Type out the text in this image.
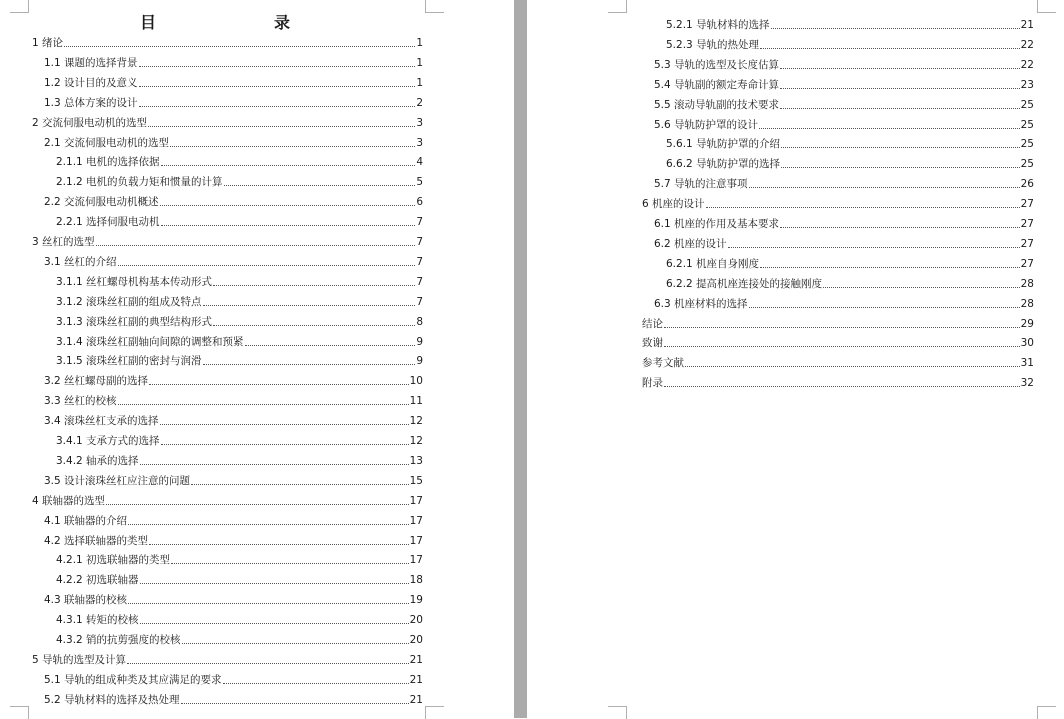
目	录
1 绪论	1
1.1 课题的选择背景	1
1.2 设计目的及意义	1
1.3 总体方案的设计	2
2 交流伺服电动机的选型	3
2.1 交流伺服电动机的选型	3
2.1.1 电机的选择依据	4
2.1.2 电机的负载力矩和惯量的计算	5
2.2 交流伺服电动机概述	6
2.2.1 选择伺服电动机	7
3 丝杠的选型	7
3.1 丝杠的介绍	7
3.1.1 丝杠螺母机构基本传动形式	7
3.1.2 滚珠丝杠副的组成及特点	7
3.1.3 滚珠丝杠副的典型结构形式	8
3.1.4 滚珠丝杠副轴向间隙的调整和预紧	9
3.1.5 滚珠丝杠副的密封与润滑	9
3.2 丝杠螺母副的选择	10
3.3 丝杠的校核	11
3.4 滚珠丝杠支承的选择	12
3.4.1 支承方式的选择	12
3.4.2 轴承的选择	13
3.5 设计滚珠丝杠应注意的问题	15
4 联轴器的选型	17
4.1 联轴器的介绍	17
4.2 选择联轴器的类型	17
4.2.1 初选联轴器的类型	17
4.2.2 初选联轴器	18
4.3 联轴器的校核	19
4.3.1 转矩的校核	20
4.3.2 销的抗剪强度的校核	20
5 导轨的选型及计算	21
5.1 导轨的组成种类及其应满足的要求	21
5.2 导轨材料的选择及热处理	21
5.2.1 导轨材料的选择	21
5.2.3 导轨的热处理	22
5.3 导轨的选型及长度估算	22
5.4 导轨副的额定寿命计算	23
5.5 滚动导轨副的技术要求	25
5.6 导轨防护罩的设计	25
5.6.1 导轨防护罩的介绍	25
6.6.2 导轨防护罩的选择	25
5.7 导轨的注意事项	26
6 机座的设计	27
6.1 机座的作用及基本要求	27
6.2 机座的设计	27
6.2.1 机座自身刚度	27
6.2.2 提高机座连接处的接触刚度	28
6.3 机座材料的选择	28
结论	29
致谢	30
参考文献	31
附录	32
